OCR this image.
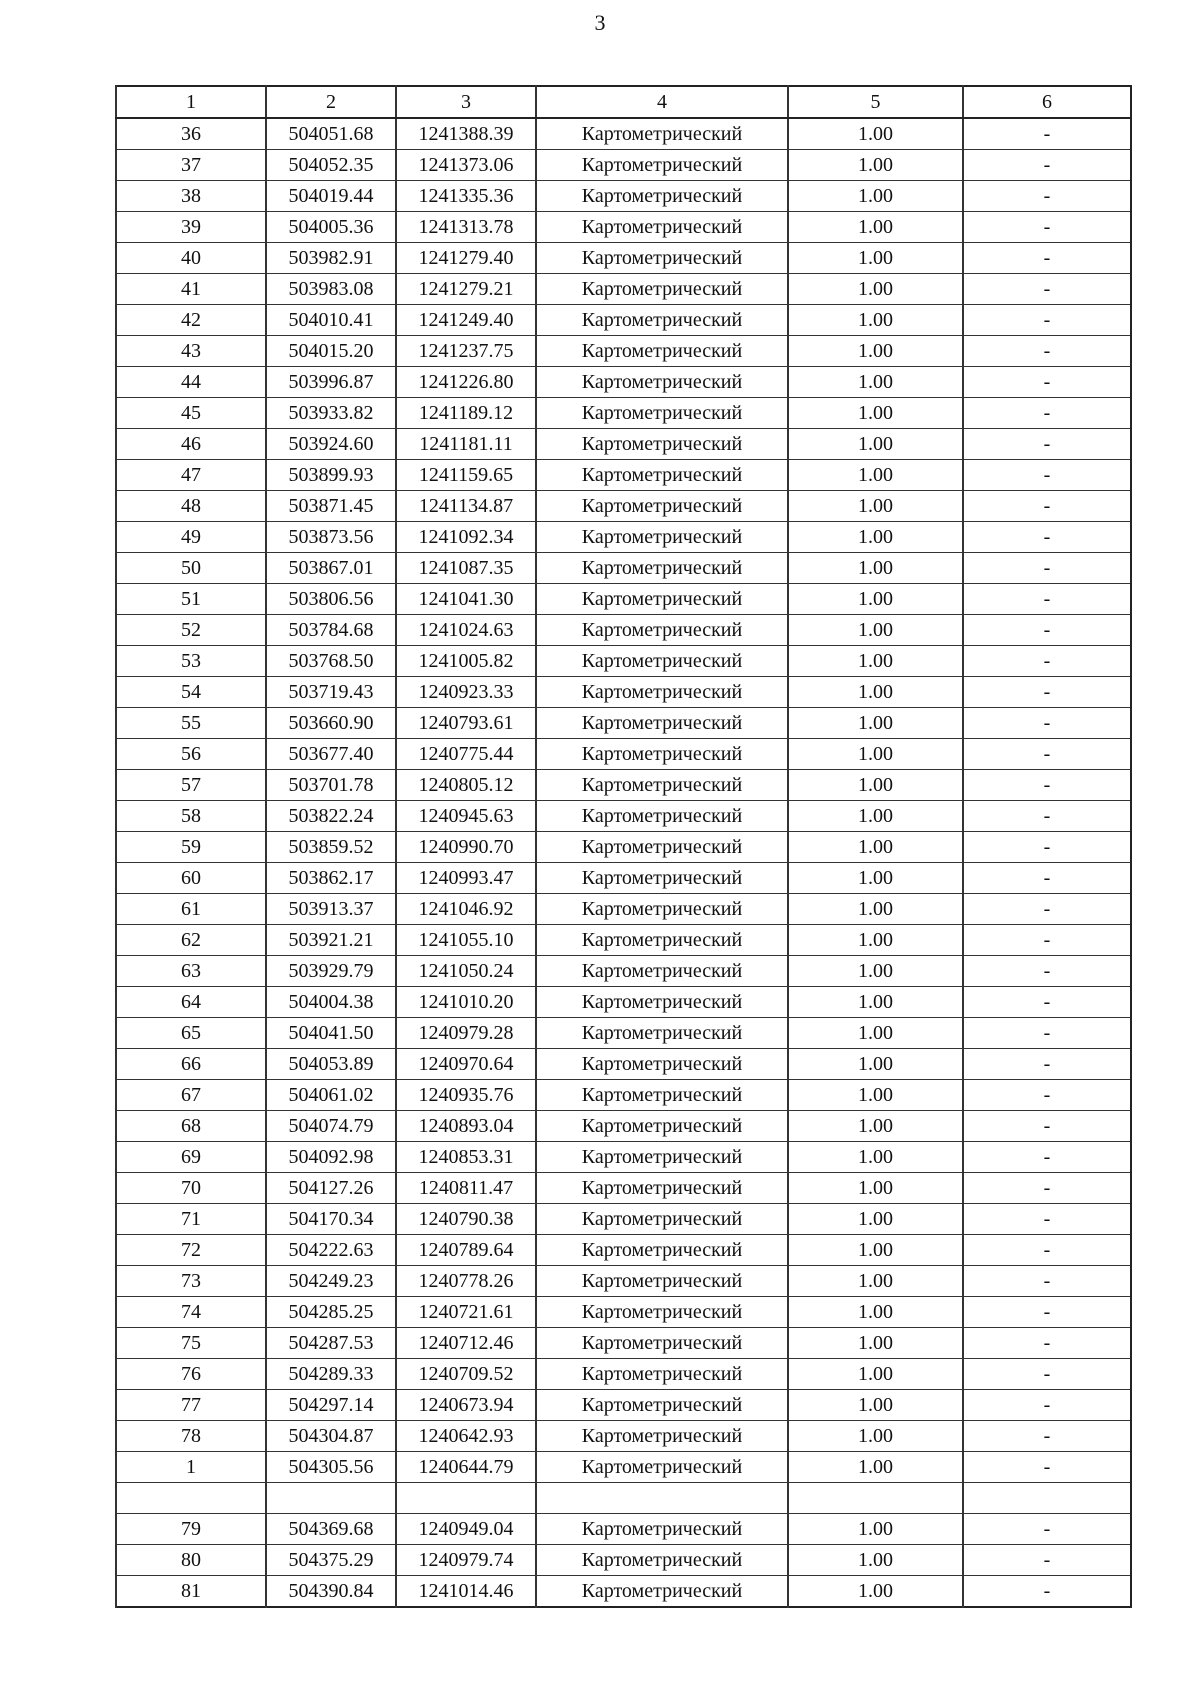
3
1	2	3	4	5	6
36	504051.68	1241388.39	Картометрический	1.00	-
37	504052.35	1241373.06	Картометрический	1.00	-
38	504019.44	1241335.36	Картометрический	1.00	-
39	504005.36	1241313.78	Картометрический	1.00	-
40	503982.91	1241279.40	Картометрический	1.00	-
41	503983.08	1241279.21	Картометрический	1.00	-
42	504010.41	1241249.40	Картометрический	1.00	-
43	504015.20	1241237.75	Картометрический	1.00	-
44	503996.87	1241226.80	Картометрический	1.00	-
45	503933.82	1241189.12	Картометрический	1.00	-
46	503924.60	1241181.11	Картометрический	1.00	-
47	503899.93	1241159.65	Картометрический	1.00	-
48	503871.45	1241134.87	Картометрический	1.00	-
49	503873.56	1241092.34	Картометрический	1.00	-
50	503867.01	1241087.35	Картометрический	1.00	-
51	503806.56	1241041.30	Картометрический	1.00	-
52	503784.68	1241024.63	Картометрический	1.00	-
53	503768.50	1241005.82	Картометрический	1.00	-
54	503719.43	1240923.33	Картометрический	1.00	-
55	503660.90	1240793.61	Картометрический	1.00	-
56	503677.40	1240775.44	Картометрический	1.00	-
57	503701.78	1240805.12	Картометрический	1.00	-
58	503822.24	1240945.63	Картометрический	1.00	-
59	503859.52	1240990.70	Картометрический	1.00	-
60	503862.17	1240993.47	Картометрический	1.00	-
61	503913.37	1241046.92	Картометрический	1.00	-
62	503921.21	1241055.10	Картометрический	1.00	-
63	503929.79	1241050.24	Картометрический	1.00	-
64	504004.38	1241010.20	Картометрический	1.00	-
65	504041.50	1240979.28	Картометрический	1.00	-
66	504053.89	1240970.64	Картометрический	1.00	-
67	504061.02	1240935.76	Картометрический	1.00	-
68	504074.79	1240893.04	Картометрический	1.00	-
69	504092.98	1240853.31	Картометрический	1.00	-
70	504127.26	1240811.47	Картометрический	1.00	-
71	504170.34	1240790.38	Картометрический	1.00	-
72	504222.63	1240789.64	Картометрический	1.00	-
73	504249.23	1240778.26	Картометрический	1.00	-
74	504285.25	1240721.61	Картометрический	1.00	-
75	504287.53	1240712.46	Картометрический	1.00	-
76	504289.33	1240709.52	Картометрический	1.00	-
77	504297.14	1240673.94	Картометрический	1.00	-
78	504304.87	1240642.93	Картометрический	1.00	-
1	504305.56	1240644.79	Картометрический	1.00	-

79	504369.68	1240949.04	Картометрический	1.00	-
80	504375.29	1240979.74	Картометрический	1.00	-
81	504390.84	1241014.46	Картометрический	1.00	-
